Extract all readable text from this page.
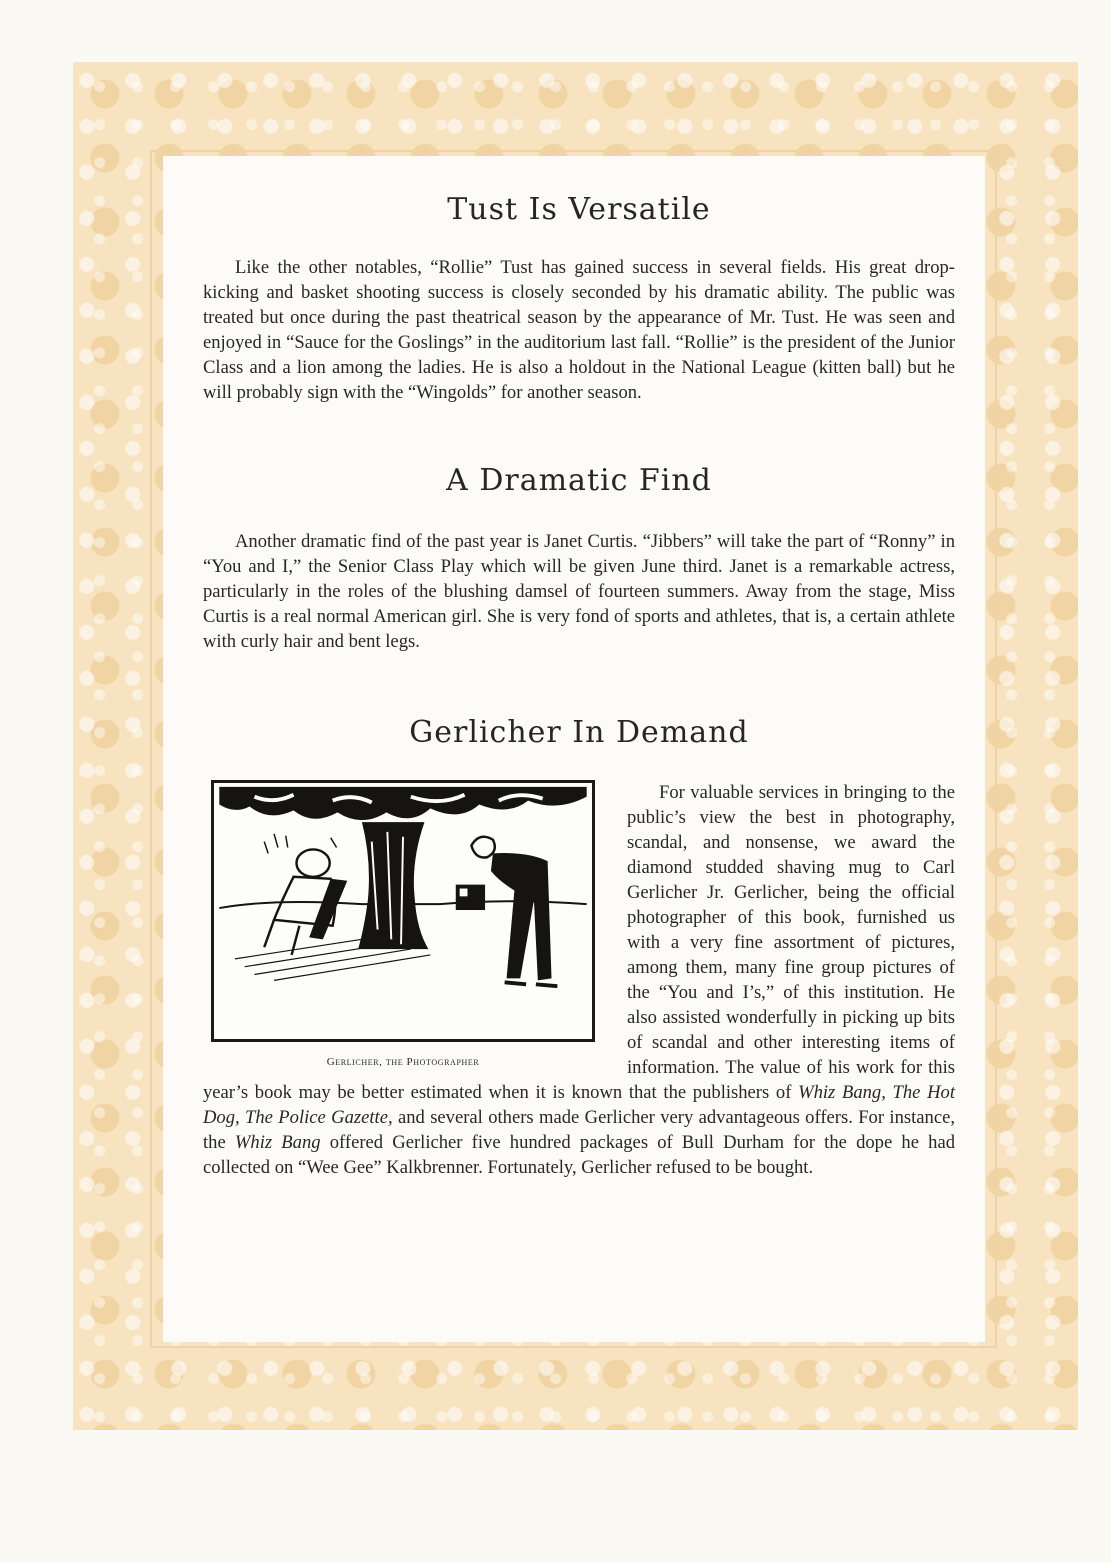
Tust Is Versatile

Like the other notables, “Rollie” Tust has gained success in several fields. His great drop-kicking and basket shooting success is closely seconded by his dramatic ability. The public was treated but once during the past theatrical season by the appearance of Mr. Tust. He was seen and enjoyed in “Sauce for the Goslings” in the auditorium last fall. “Rollie” is the president of the Junior Class and a lion among the ladies. He is also a holdout in the National League (kitten ball) but he will probably sign with the “Wingolds” for another season.

A Dramatic Find

Another dramatic find of the past year is Janet Curtis. “Jibbers” will take the part of “Ronny” in “You and I,” the Senior Class Play which will be given June third. Janet is a remarkable actress, particularly in the roles of the blushing damsel of fourteen summers. Away from the stage, Miss Curtis is a real normal American girl. She is very fond of sports and athletes, that is, a certain athlete with curly hair and bent legs.

Gerlicher In Demand
Gerlicher, the Photographer

For valuable services in bringing to the public’s view the best in photography, scandal, and nonsense, we award the diamond studded shaving mug to Carl Gerlicher Jr. Gerlicher, being the official photographer of this book, furnished us with a very fine assortment of pictures, among them, many fine group pictures of the “You and I’s,” of this institution. He also assisted wonderfully in picking up bits of scandal and other interesting items of information. The value of his work for this year’s book may be better estimated when it is known that the publishers of Whiz Bang, The Hot Dog, The Police Gazette, and several others made Gerlicher very advantageous offers. For instance, the Whiz Bang offered Gerlicher five hundred packages of Bull Durham for the dope he had collected on “Wee Gee” Kalkbrenner. Fortunately, Gerlicher refused to be bought.
